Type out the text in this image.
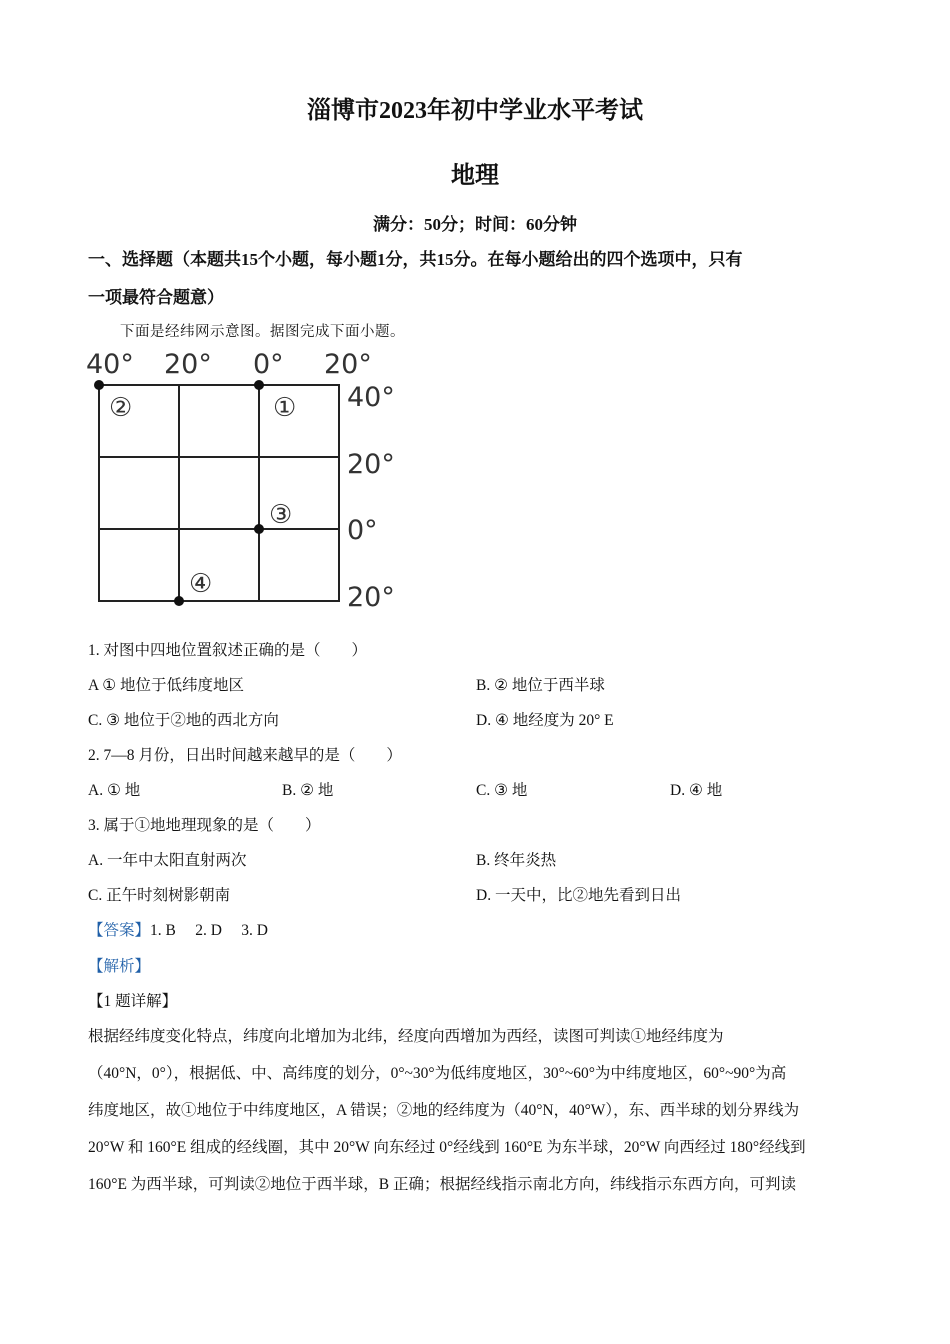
淄博市2023年初中学业水平考试
地理
满分：50分；时间：60分钟
一、选择题（本题共15个小题，每小题1分，共15分。在每小题给出的四个选项中，只有
一项最符合题意）
下面是经纬网示意图。据图完成下面小题。
40° 20° 0° 20°
40°
20°
0°
20°
②	①
③
④
1. 对图中四地位置叙述正确的是（　　）
A ① 地位于低纬度地区	B. ② 地位于西半球
C. ③ 地位于②地的西北方向	D. ④ 地经度为 20° E
2. 7—8 月份，日出时间越来越早的是（　　）
A. ① 地	B. ② 地	C. ③ 地	D. ④ 地
3. 属于①地地理现象的是（　　）
A. 一年中太阳直射两次	B. 终年炎热
C. 正午时刻树影朝南	D. 一天中，比②地先看到日出
【答案】1. B　 2. D　 3. D
【解析】
【1 题详解】
根据经纬度变化特点，纬度向北增加为北纬，经度向西增加为西经，读图可判读①地经纬度为
（40°N，0°），根据低、中、高纬度的划分，0°~30°为低纬度地区，30°~60°为中纬度地区，60°~90°为高
纬度地区，故①地位于中纬度地区，A 错误；②地的经纬度为（40°N，40°W），东、西半球的划分界线为
20°W 和 160°E 组成的经线圈，其中 20°W 向东经过 0°经线到 160°E 为东半球，20°W 向西经过 180°经线到
160°E 为西半球，可判读②地位于西半球，B 正确；根据经线指示南北方向，纬线指示东西方向，可判读
